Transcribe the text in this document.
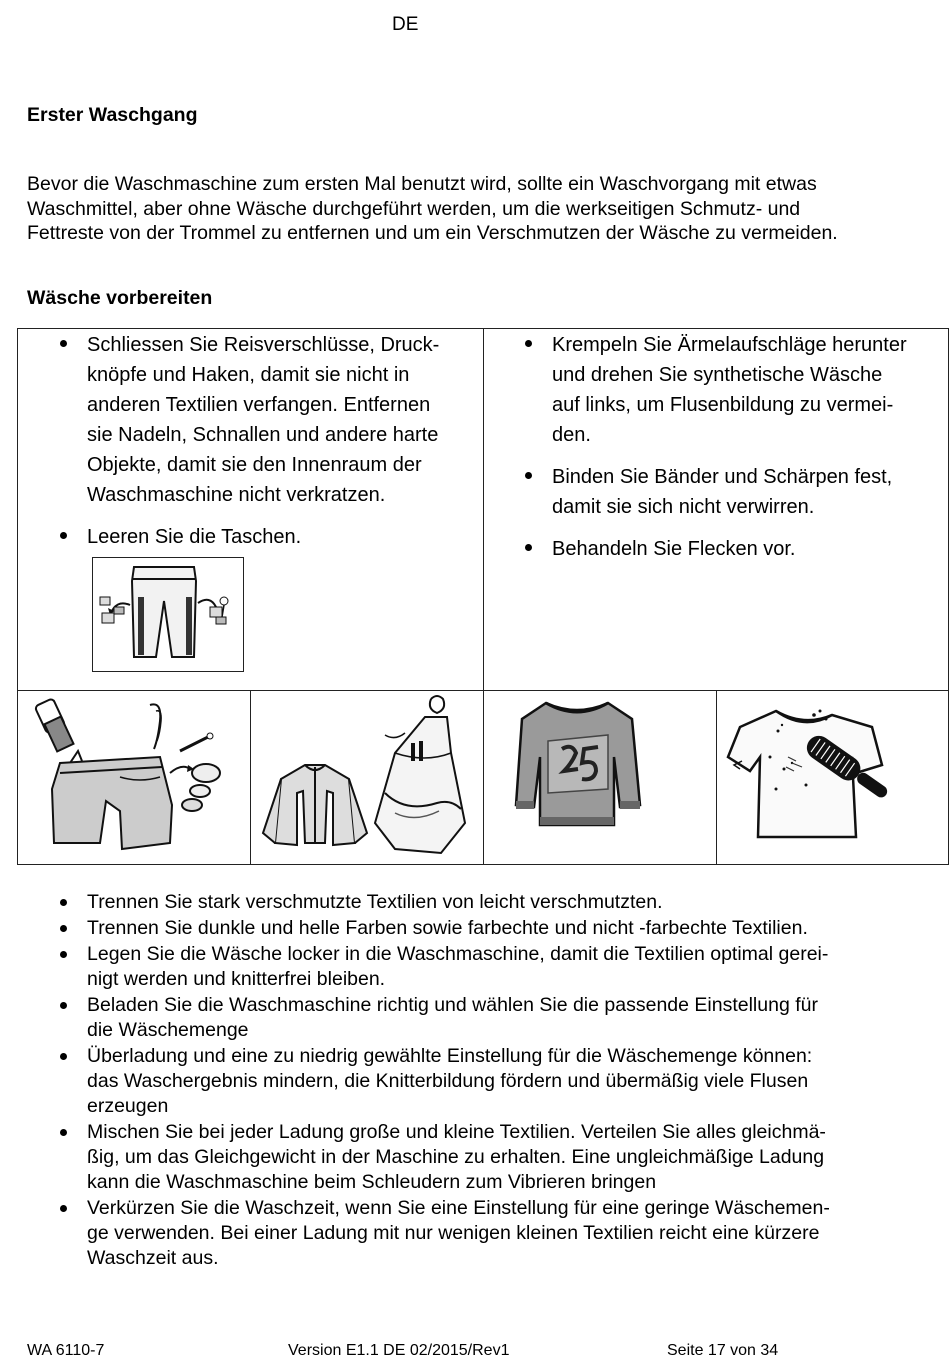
DE
Erster Waschgang
Bevor die Waschmaschine zum ersten Mal benutzt wird, sollte ein Waschvorgang mit etwas
Waschmittel, aber ohne Wäsche durchgeführt werden, um die werkseitigen Schmutz- und
Fettreste von der Trommel zu entfernen und um ein Verschmutzen der Wäsche zu vermeiden.
Wäsche vorbereiten
Schliessen Sie Reisverschlüsse, Druck-
knöpfe und Haken, damit sie nicht in
anderen Textilien verfangen. Entfernen
sie Nadeln, Schnallen und andere harte
Objekte, damit sie den Innenraum der
Waschmaschine nicht verkratzen.
Leeren Sie die Taschen.
Krempeln Sie Ärmelaufschläge herunter
und drehen Sie synthetische Wäsche
auf links, um Flusenbildung zu vermei-
den.
Binden Sie Bänder und Schärpen fest,
damit sie sich nicht verwirren.
Behandeln Sie Flecken vor.
Trennen Sie stark verschmutzte Textilien von leicht verschmutzten.
Trennen Sie dunkle und helle Farben sowie farbechte und nicht -farbechte Textilien.
Legen Sie die Wäsche locker in die Waschmaschine, damit die Textilien optimal gerei-
nigt werden und knitterfrei bleiben.
Beladen Sie die Waschmaschine richtig und wählen Sie die passende Einstellung für
die Wäschemenge
Überladung und eine zu niedrig gewählte Einstellung für die Wäschemenge können:
das Waschergebnis mindern, die Knitterbildung fördern und übermäßig viele Flusen
erzeugen
Mischen Sie bei jeder Ladung große und kleine Textilien. Verteilen Sie alles gleichmä-
ßig, um das Gleichgewicht in der Maschine zu erhalten. Eine ungleichmäßige Ladung
kann die Waschmaschine beim Schleudern zum Vibrieren bringen
Verkürzen Sie die Waschzeit, wenn Sie eine Einstellung für eine geringe Wäschemen-
ge verwenden. Bei einer Ladung mit nur wenigen kleinen Textilien reicht eine kürzere
Waschzeit aus.
WA 6110-7	Version E1.1 DE 02/2015/Rev1	Seite 17 von 34
